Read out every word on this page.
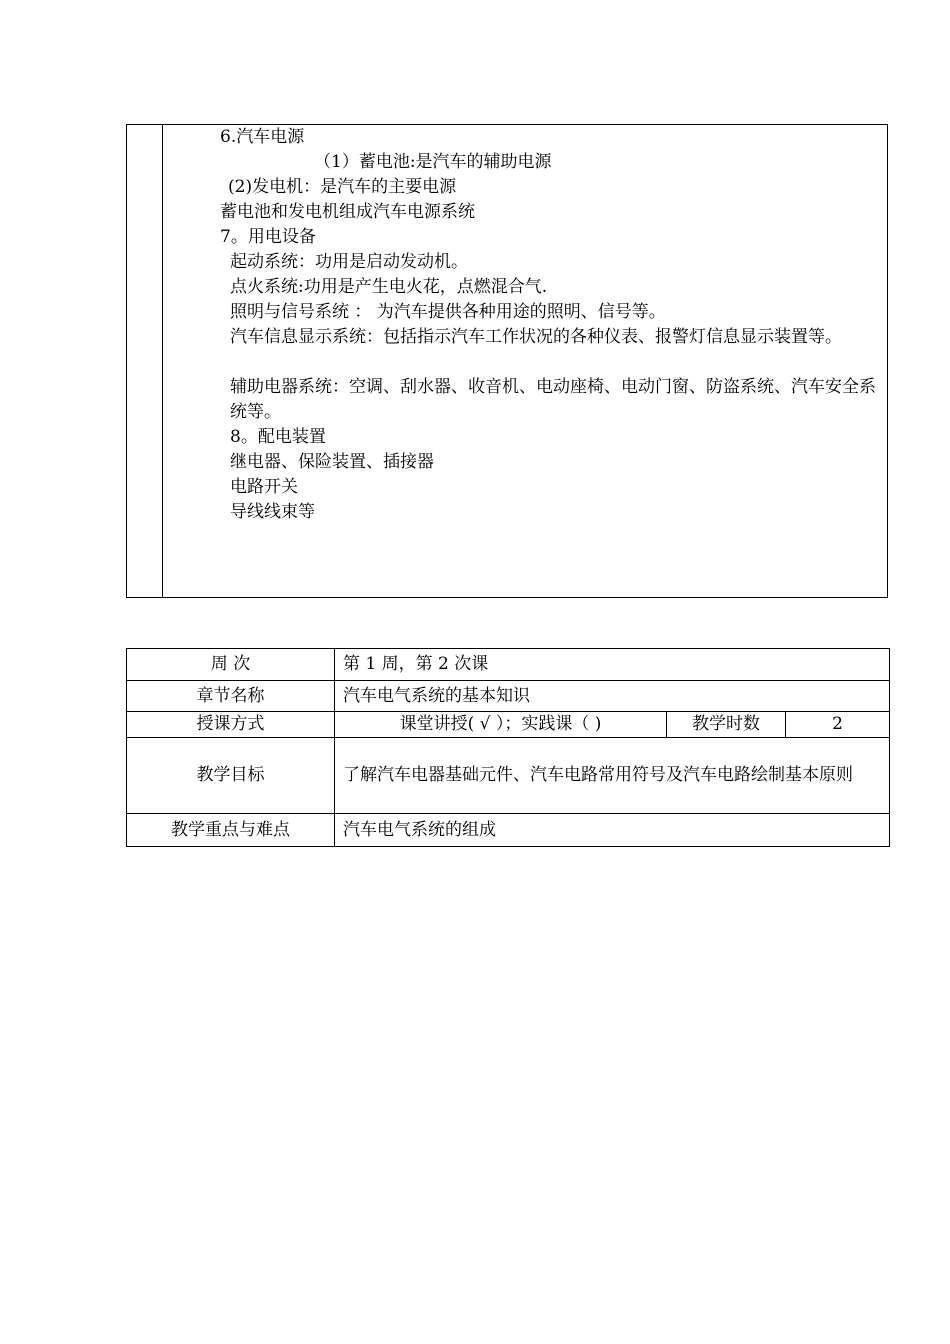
6.汽车电源
（1）蓄电池:是汽车的辅助电源
(2)发电机：是汽车的主要电源
蓄电池和发电机组成汽车电源系统
7。用电设备
起动系统：功用是启动发动机。
点火系统:功用是产生电火花，点燃混合气.
照明与信号系统 ： 为汽车提供各种用途的照明、信号等。
汽车信息显示系统：包括指示汽车工作状况的各种仪表、报警灯信息显示装置等。
辅助电器系统：空调、刮水器、收音机、电动座椅、电动门窗、防盗系统、汽车安全系统等。
8。配电装置
继电器、保险装置、插接器
电路开关
导线线束等
周 次	第 1 周，第 2 次课		
章节名称	汽车电气系统的基本知识		
授课方式	课堂讲授( √ ）；实践课（ )	教学时数	2
教学目标	了解汽车电器基础元件、汽车电路常用符号及汽车电路绘制基本原则		
教学重点与难点	汽车电气系统的组成		
